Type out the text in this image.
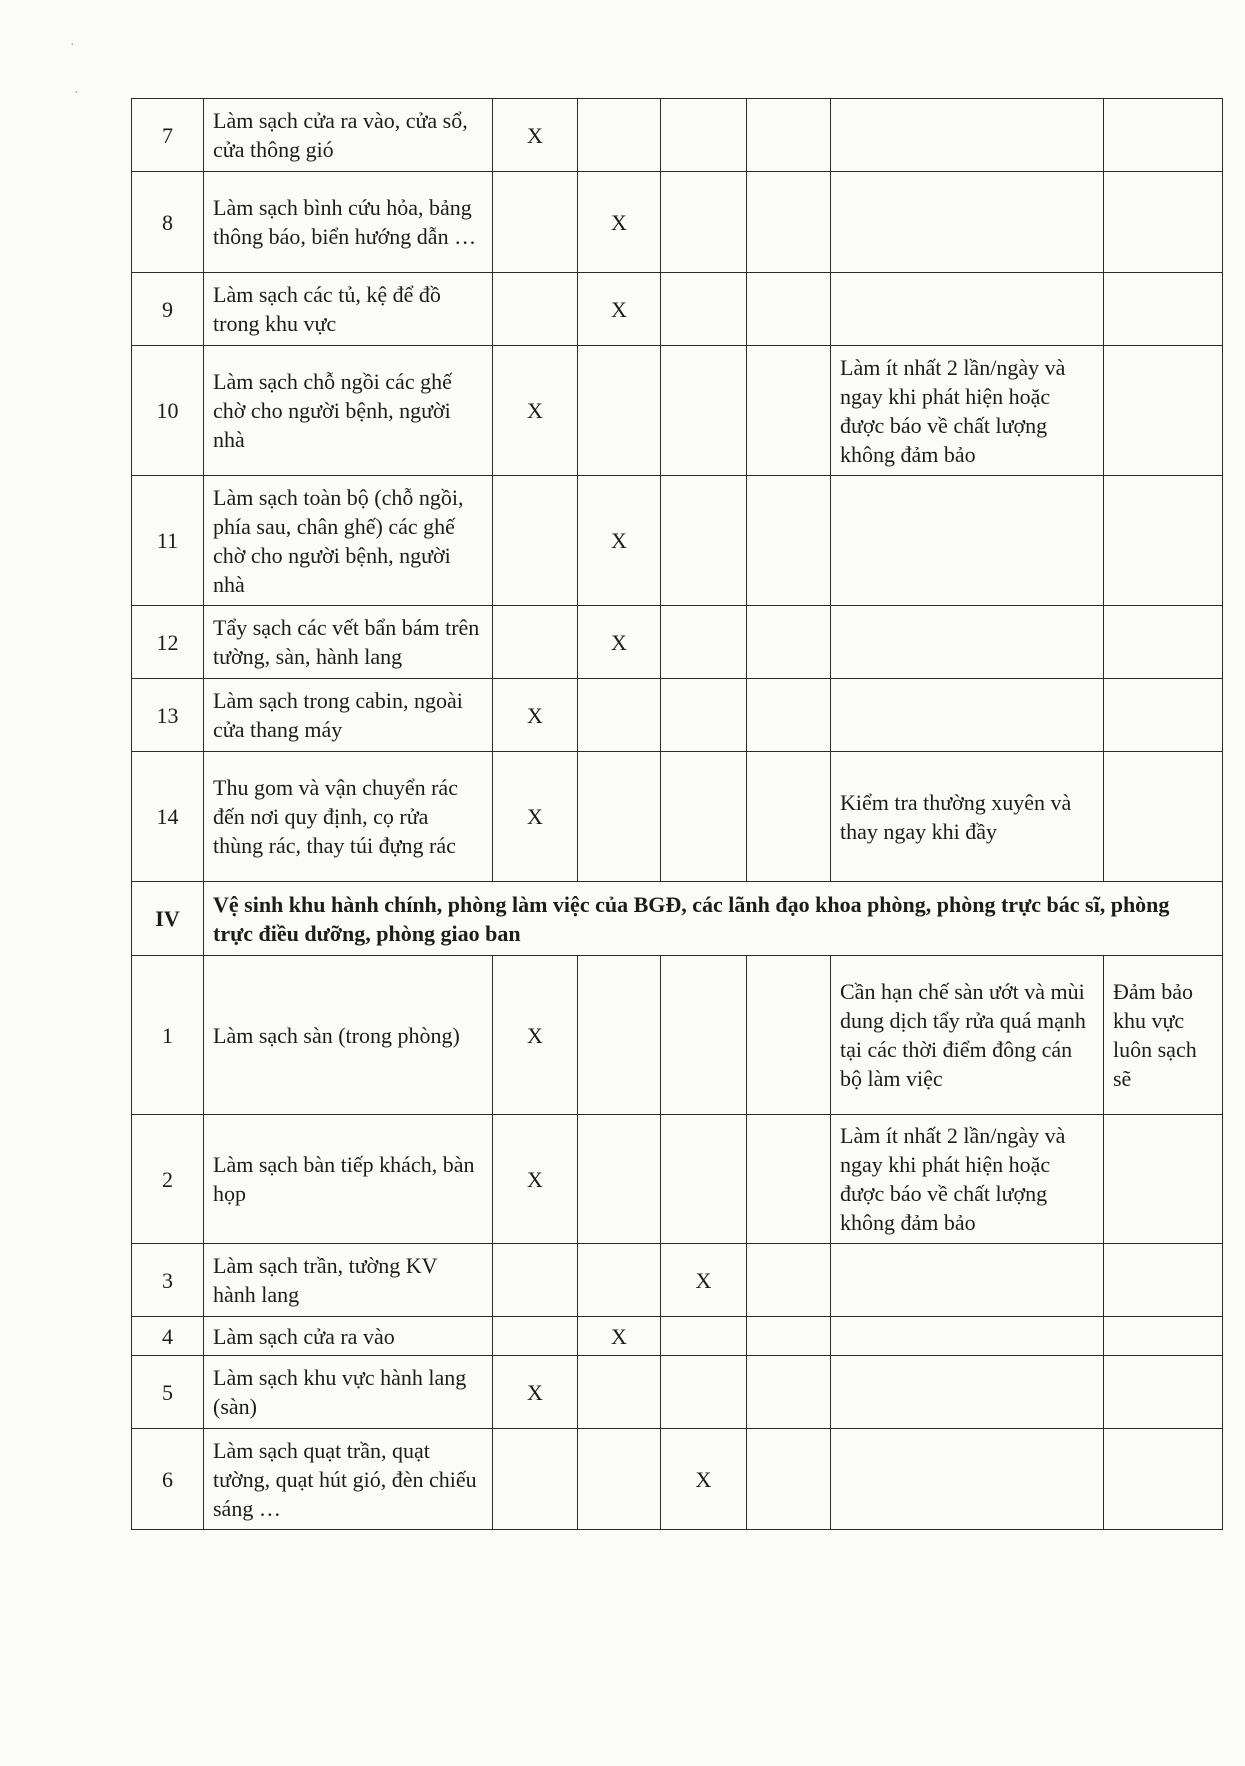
·
·
7	Làm sạch cửa ra vào, cửa sổ, cửa thông gió	X					
8	Làm sạch bình cứu hỏa, bảng thông báo, biển hướng dẫn …		X				
9	Làm sạch các tủ, kệ để đồ trong khu vực		X				
10	Làm sạch chỗ ngồi các ghế chờ cho người bệnh, người nhà	X				Làm ít nhất 2 lần/ngày và ngay khi phát hiện hoặc được báo về chất lượng không đảm bảo	
11	Làm sạch toàn bộ (chỗ ngồi, phía sau, chân ghế) các ghế chờ cho người bệnh, người nhà		X				
12	Tẩy sạch các vết bẩn bám trên tường, sàn, hành lang		X				
13	Làm sạch trong cabin, ngoài cửa thang máy	X					
14	Thu gom và vận chuyển rác đến nơi quy định, cọ rửa thùng rác, thay túi đựng rác	X				Kiểm tra thường xuyên và thay ngay khi đầy	
IV	Vệ sinh khu hành chính, phòng làm việc của BGĐ, các lãnh đạo khoa phòng, phòng trực bác sĩ, phòng trực điều dưỡng, phòng giao ban						
1	Làm sạch sàn (trong phòng)	X				Cần hạn chế sàn ướt và mùi dung dịch tẩy rửa quá mạnh tại các thời điểm đông cán bộ làm việc	Đảm bảo khu vực luôn sạch sẽ
2	Làm sạch bàn tiếp khách, bàn họp	X				Làm ít nhất 2 lần/ngày và ngay khi phát hiện hoặc được báo về chất lượng không đảm bảo	
3	Làm sạch trần, tường KV hành lang			X			
4	Làm sạch cửa ra vào		X				
5	Làm sạch khu vực hành lang (sàn)	X					
6	Làm sạch quạt trần, quạt tường, quạt hút gió, đèn chiếu sáng …			X			
